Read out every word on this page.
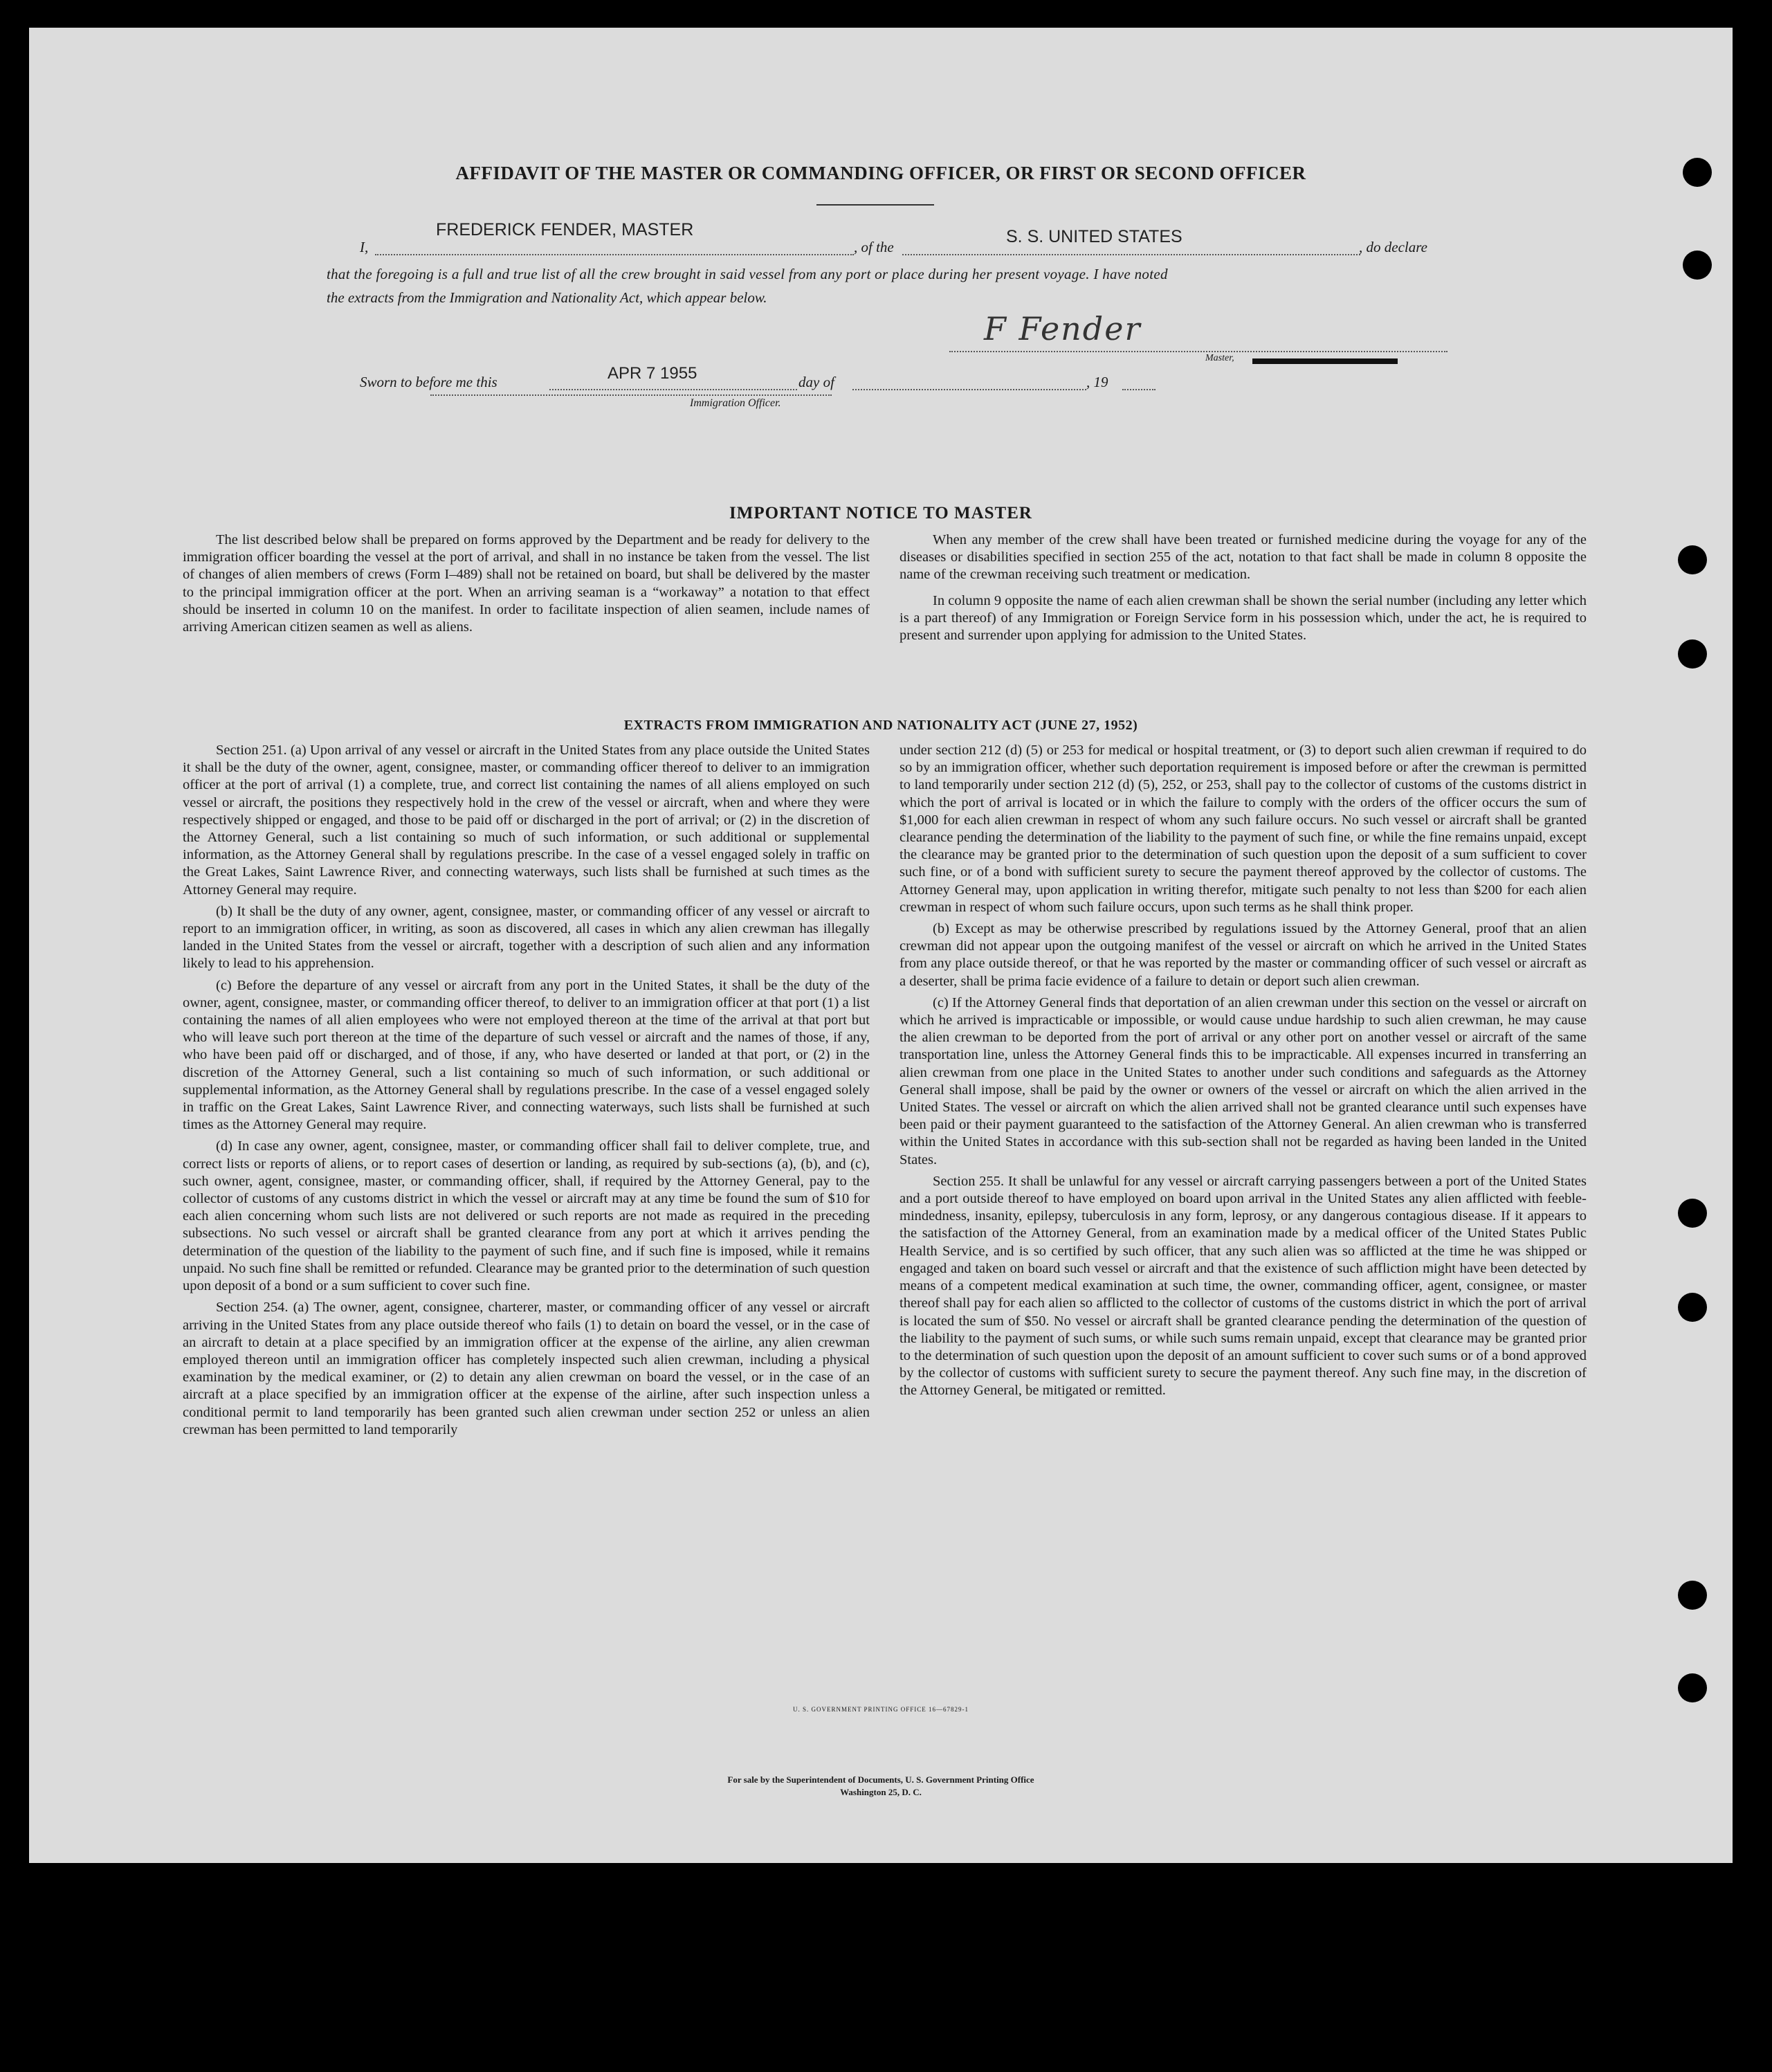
AFFIDAVIT OF THE MASTER OR COMMANDING OFFICER, OR FIRST OR SECOND OFFICER
I,
FREDERICK FENDER, MASTER
, of the
S. S. UNITED STATES
, do declare
that the foregoing is a full and true list of all the crew brought in said vessel from any port or place during her present voyage. I have noted
the extracts from the Immigration and Nationality Act, which appear below.
F Fender
Master,
Sworn to before me this	APR 7 1955	day of	, 19
Immigration Officer.
IMPORTANT NOTICE TO MASTER

The list described below shall be prepared on forms approved by the Department and be ready for delivery to the immigration officer boarding the vessel at the port of arrival, and shall in no instance be taken from the vessel. The list of changes of alien members of crews (Form I–489) shall not be retained on board, but shall be delivered by the master to the principal immigration officer at the port. When an arriving seaman is a “workaway” a notation to that effect should be inserted in column 10 on the manifest. In order to facilitate inspection of alien seamen, include names of arriving American citizen seamen as well as aliens.

When any member of the crew shall have been treated or furnished medicine during the voyage for any of the diseases or disabilities specified in section 255 of the act, notation to that fact shall be made in column 8 opposite the name of the crewman receiving such treatment or medication.

In column 9 opposite the name of each alien crewman shall be shown the serial number (including any letter which is a part thereof) of any Immigration or Foreign Service form in his possession which, under the act, he is required to present and surrender upon applying for admission to the United States.

EXTRACTS FROM IMMIGRATION AND NATIONALITY ACT (JUNE 27, 1952)

Section 251. (a) Upon arrival of any vessel or aircraft in the United States from any place outside the United States it shall be the duty of the owner, agent, consignee, master, or commanding officer thereof to deliver to an immigration officer at the port of arrival (1) a complete, true, and correct list containing the names of all aliens employed on such vessel or aircraft, the positions they respectively hold in the crew of the vessel or aircraft, when and where they were respectively shipped or engaged, and those to be paid off or discharged in the port of arrival; or (2) in the discretion of the Attorney General, such a list containing so much of such information, or such additional or supplemental information, as the Attorney General shall by regulations prescribe. In the case of a vessel engaged solely in traffic on the Great Lakes, Saint Lawrence River, and connecting waterways, such lists shall be furnished at such times as the Attorney General may require.

(b) It shall be the duty of any owner, agent, consignee, master, or commanding officer of any vessel or aircraft to report to an immigration officer, in writing, as soon as discovered, all cases in which any alien crewman has illegally landed in the United States from the vessel or aircraft, together with a description of such alien and any information likely to lead to his apprehension.

(c) Before the departure of any vessel or aircraft from any port in the United States, it shall be the duty of the owner, agent, consignee, master, or commanding officer thereof, to deliver to an immigration officer at that port (1) a list containing the names of all alien employees who were not employed thereon at the time of the arrival at that port but who will leave such port thereon at the time of the departure of such vessel or aircraft and the names of those, if any, who have been paid off or discharged, and of those, if any, who have deserted or landed at that port, or (2) in the discretion of the Attorney General, such a list containing so much of such information, or such additional or supplemental information, as the Attorney General shall by regulations prescribe. In the case of a vessel engaged solely in traffic on the Great Lakes, Saint Lawrence River, and connecting waterways, such lists shall be furnished at such times as the Attorney General may require.

(d) In case any owner, agent, consignee, master, or commanding officer shall fail to deliver complete, true, and correct lists or reports of aliens, or to report cases of desertion or landing, as required by sub-sections (a), (b), and (c), such owner, agent, consignee, master, or commanding officer, shall, if required by the Attorney General, pay to the collector of customs of any customs district in which the vessel or aircraft may at any time be found the sum of $10 for each alien concerning whom such lists are not delivered or such reports are not made as required in the preceding subsections. No such vessel or aircraft shall be granted clearance from any port at which it arrives pending the determination of the question of the liability to the payment of such fine, and if such fine is imposed, while it remains unpaid. No such fine shall be remitted or refunded. Clearance may be granted prior to the determination of such question upon deposit of a bond or a sum sufficient to cover such fine.

Section 254. (a) The owner, agent, consignee, charterer, master, or commanding officer of any vessel or aircraft arriving in the United States from any place outside thereof who fails (1) to detain on board the vessel, or in the case of an aircraft to detain at a place specified by an immigration officer at the expense of the airline, any alien crewman employed thereon until an immigration officer has completely inspected such alien crewman, including a physical examination by the medical examiner, or (2) to detain any alien crewman on board the vessel, or in the case of an aircraft at a place specified by an immigration officer at the expense of the airline, after such inspection unless a conditional permit to land temporarily has been granted such alien crewman under section 252 or unless an alien crewman has been permitted to land temporarily

under section 212 (d) (5) or 253 for medical or hospital treatment, or (3) to deport such alien crewman if required to do so by an immigration officer, whether such deportation requirement is imposed before or after the crewman is permitted to land temporarily under section 212 (d) (5), 252, or 253, shall pay to the collector of customs of the customs district in which the port of arrival is located or in which the failure to comply with the orders of the officer occurs the sum of $1,000 for each alien crewman in respect of whom any such failure occurs. No such vessel or aircraft shall be granted clearance pending the determination of the liability to the payment of such fine, or while the fine remains unpaid, except the clearance may be granted prior to the determination of such question upon the deposit of a sum sufficient to cover such fine, or of a bond with sufficient surety to secure the payment thereof approved by the collector of customs. The Attorney General may, upon application in writing therefor, mitigate such penalty to not less than $200 for each alien crewman in respect of whom such failure occurs, upon such terms as he shall think proper.

(b) Except as may be otherwise prescribed by regulations issued by the Attorney General, proof that an alien crewman did not appear upon the outgoing manifest of the vessel or aircraft on which he arrived in the United States from any place outside thereof, or that he was reported by the master or commanding officer of such vessel or aircraft as a deserter, shall be prima facie evidence of a failure to detain or deport such alien crewman.

(c) If the Attorney General finds that deportation of an alien crewman under this section on the vessel or aircraft on which he arrived is impracticable or impossible, or would cause undue hardship to such alien crewman, he may cause the alien crewman to be deported from the port of arrival or any other port on another vessel or aircraft of the same transportation line, unless the Attorney General finds this to be impracticable. All expenses incurred in transferring an alien crewman from one place in the United States to another under such conditions and safeguards as the Attorney General shall impose, shall be paid by the owner or owners of the vessel or aircraft on which the alien arrived in the United States. The vessel or aircraft on which the alien arrived shall not be granted clearance until such expenses have been paid or their payment guaranteed to the satisfaction of the Attorney General. An alien crewman who is transferred within the United States in accordance with this sub-section shall not be regarded as having been landed in the United States.

Section 255. It shall be unlawful for any vessel or aircraft carrying passengers between a port of the United States and a port outside thereof to have employed on board upon arrival in the United States any alien afflicted with feeble-mindedness, insanity, epilepsy, tuberculosis in any form, leprosy, or any dangerous contagious disease. If it appears to the satisfaction of the Attorney General, from an examination made by a medical officer of the United States Public Health Service, and is so certified by such officer, that any such alien was so afflicted at the time he was shipped or engaged and taken on board such vessel or aircraft and that the existence of such affliction might have been detected by means of a competent medical examination at such time, the owner, commanding officer, agent, consignee, or master thereof shall pay for each alien so afflicted to the collector of customs of the customs district in which the port of arrival is located the sum of $50. No vessel or aircraft shall be granted clearance pending the determination of the question of the liability to the payment of such sums, or while such sums remain unpaid, except that clearance may be granted prior to the determination of such question upon the deposit of an amount sufficient to cover such sums or of a bond approved by the collector of customs with sufficient surety to secure the payment thereof. Any such fine may, in the discretion of the Attorney General, be mitigated or remitted.

U. S. GOVERNMENT PRINTING OFFICE 16—67829-1
For sale by the Superintendent of Documents, U. S. Government Printing Office
Washington 25, D. C.
